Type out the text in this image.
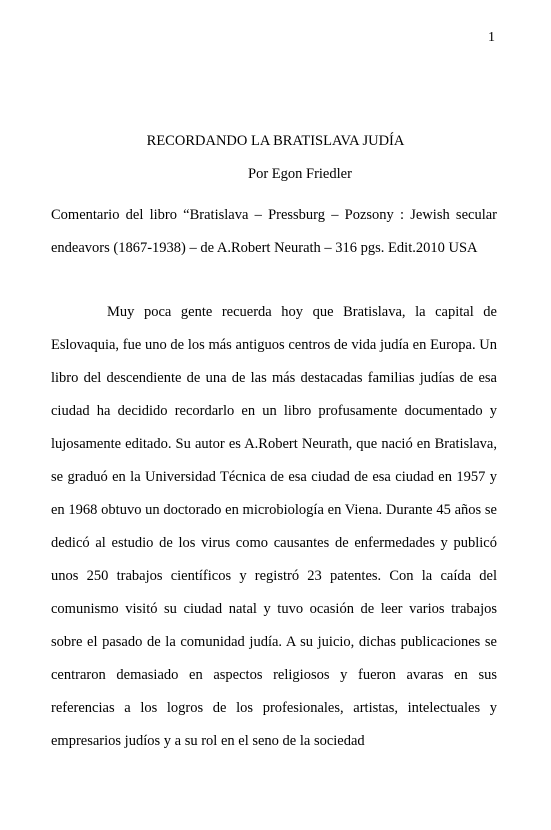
1
RECORDANDO LA BRATISLAVA JUDÍA
Por Egon Friedler
Comentario del libro “Bratislava – Pressburg – Pozsony : Jewish secular endeavors (1867-1938) – de A.Robert Neurath – 316 pgs. Edit.2010 USA
Muy poca gente recuerda hoy que Bratislava, la capital de Eslovaquia, fue uno de los más antiguos centros de vida judía en Europa. Un libro del descendiente de una de las más destacadas familias judías de esa ciudad ha decidido recordarlo en un libro profusamente documentado y lujosamente editado. Su autor es A.Robert Neurath, que nació en Bratislava, se graduó en la Universidad Técnica de esa ciudad de esa ciudad en 1957 y en 1968 obtuvo un doctorado en microbiología en Viena. Durante 45 años se dedicó al estudio de los virus como causantes de enfermedades y publicó unos 250 trabajos científicos y registró 23 patentes. Con la caída del comunismo visitó su ciudad natal y tuvo ocasión de leer varios trabajos sobre el pasado de la comunidad judía. A su juicio, dichas publicaciones se centraron demasiado en aspectos religiosos y fueron avaras en sus referencias a los logros de los profesionales, artistas, intelectuales y empresarios judíos y a su rol en el seno de la sociedad
